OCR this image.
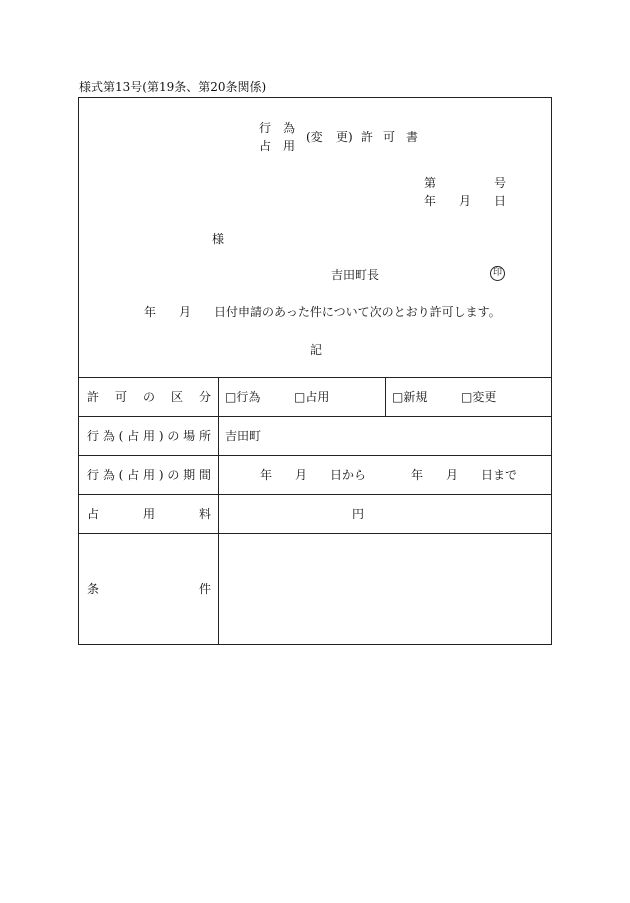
様式第13号(第19条、第20条関係)
行 為
占 用
(変 更) 許 可 書
第	号
年 月 日
様
吉田町長	印
年 月 日付申請のあった件について次のとおり許可します。
記
許 可 の 区 分 □行為	□占用	□新規	□変更
行 為 ( 占 用 ) の 場 所 吉田町
行 為 ( 占 用 ) の 期 間	年 月 日から	年 月 日まで
占	用	料	円
条	件
